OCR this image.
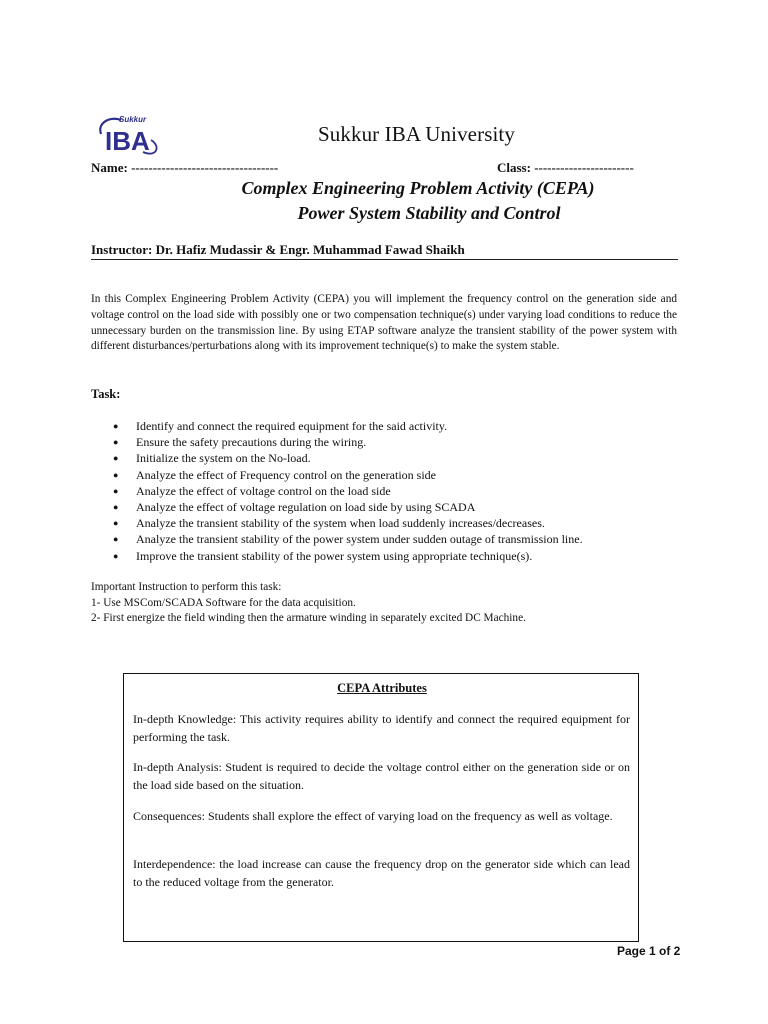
Sukkur
IBA	Sukkur IBA University
Name: ----------------------------------	Class: -----------------------
Complex Engineering Problem Activity (CEPA)
Power System Stability and Control
Instructor: Dr. Hafiz Mudassir & Engr. Muhammad Fawad Shaikh
In this Complex Engineering Problem Activity (CEPA) you will implement the frequency control on the generation side and voltage control on the load side with possibly one or two compensation technique(s) under varying load conditions to reduce the unnecessary burden on the transmission line. By using ETAP software analyze the transient stability of the power system with different disturbances/perturbations along with its improvement technique(s) to make the system stable.
Task:
● Identify and connect the required equipment for the said activity.
● Ensure the safety precautions during the wiring.
● Initialize the system on the No-load.
● Analyze the effect of Frequency control on the generation side
● Analyze the effect of voltage control on the load side
● Analyze the effect of voltage regulation on load side by using SCADA
● Analyze the transient stability of the system when load suddenly increases/decreases.
● Analyze the transient stability of the power system under sudden outage of transmission line.
● Improve the transient stability of the power system using appropriate technique(s).
Important Instruction to perform this task:
1- Use MSCom/SCADA Software for the data acquisition.
2- First energize the field winding then the armature winding in separately excited DC Machine.
CEPA Attributes
In-depth Knowledge: This activity requires ability to identify and connect the required equipment for performing the task.
In-depth Analysis: Student is required to decide the voltage control either on the generation side or on the load side based on the situation.
Consequences: Students shall explore the effect of varying load on the frequency as well as voltage.
Interdependence: the load increase can cause the frequency drop on the generator side which can lead to the reduced voltage from the generator.
Page 1 of 2
